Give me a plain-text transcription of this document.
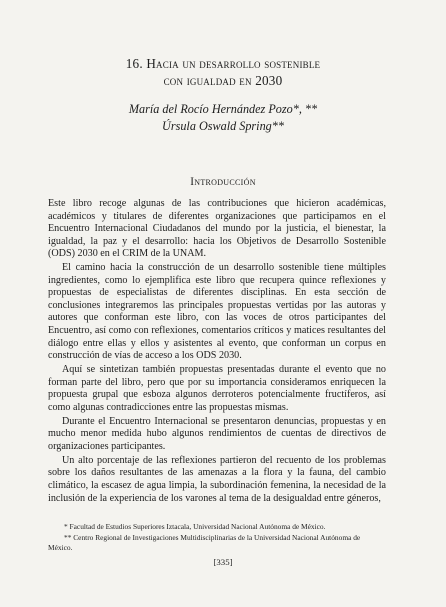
16. Hacia un desarrollo sostenible
con igualdad en 2030
María del Rocío Hernández Pozo*, **
Úrsula Oswald Spring**
Introducción

Este libro recoge algunas de las contribuciones que hicieron académicas, académicos y titulares de diferentes organizaciones que participamos en el Encuentro Internacional Ciudadanos del mundo por la justicia, el bienestar, la igualdad, la paz y el desarrollo: hacia los Objetivos de Desarrollo Sostenible (ODS) 2030 en el CRIM de la UNAM.

El camino hacia la construcción de un desarrollo sostenible tiene múltiples ingredientes, como lo ejemplifica este libro que recupera quince reflexiones y propuestas de especialistas de diferentes disciplinas. En esta sección de conclusiones integraremos las principales propuestas vertidas por las autoras y autores que conforman este libro, con las voces de otros participantes del Encuentro, así como con reflexiones, comentarios críticos y matices resultantes del diálogo entre ellas y ellos y asistentes al evento, que conforman un corpus en construcción de vías de acceso a los ODS 2030.

Aquí se sintetizan también propuestas presentadas durante el evento que no forman parte del libro, pero que por su importancia consideramos enriquecen la propuesta grupal que esboza algunos derroteros potencialmente fructíferos, así como algunas contradicciones entre las propuestas mismas.

Durante el Encuentro Internacional se presentaron denuncias, propuestas y en mucho menor medida hubo algunos rendimientos de cuentas de directivos de organizaciones participantes.

Un alto porcentaje de las reflexiones partieron del recuento de los problemas sobre los daños resultantes de las amenazas a la flora y la fauna, del cambio climático, la escasez de agua limpia, la subordinación femenina, la necesidad de la inclusión de la experiencia de los varones al tema de la desigualdad entre géneros,

* Facultad de Estudios Superiores Iztacala, Universidad Nacional Autónoma de México.

** Centro Regional de Investigaciones Multidisciplinarias de la Universidad Nacional Autónoma de México.

[335]
